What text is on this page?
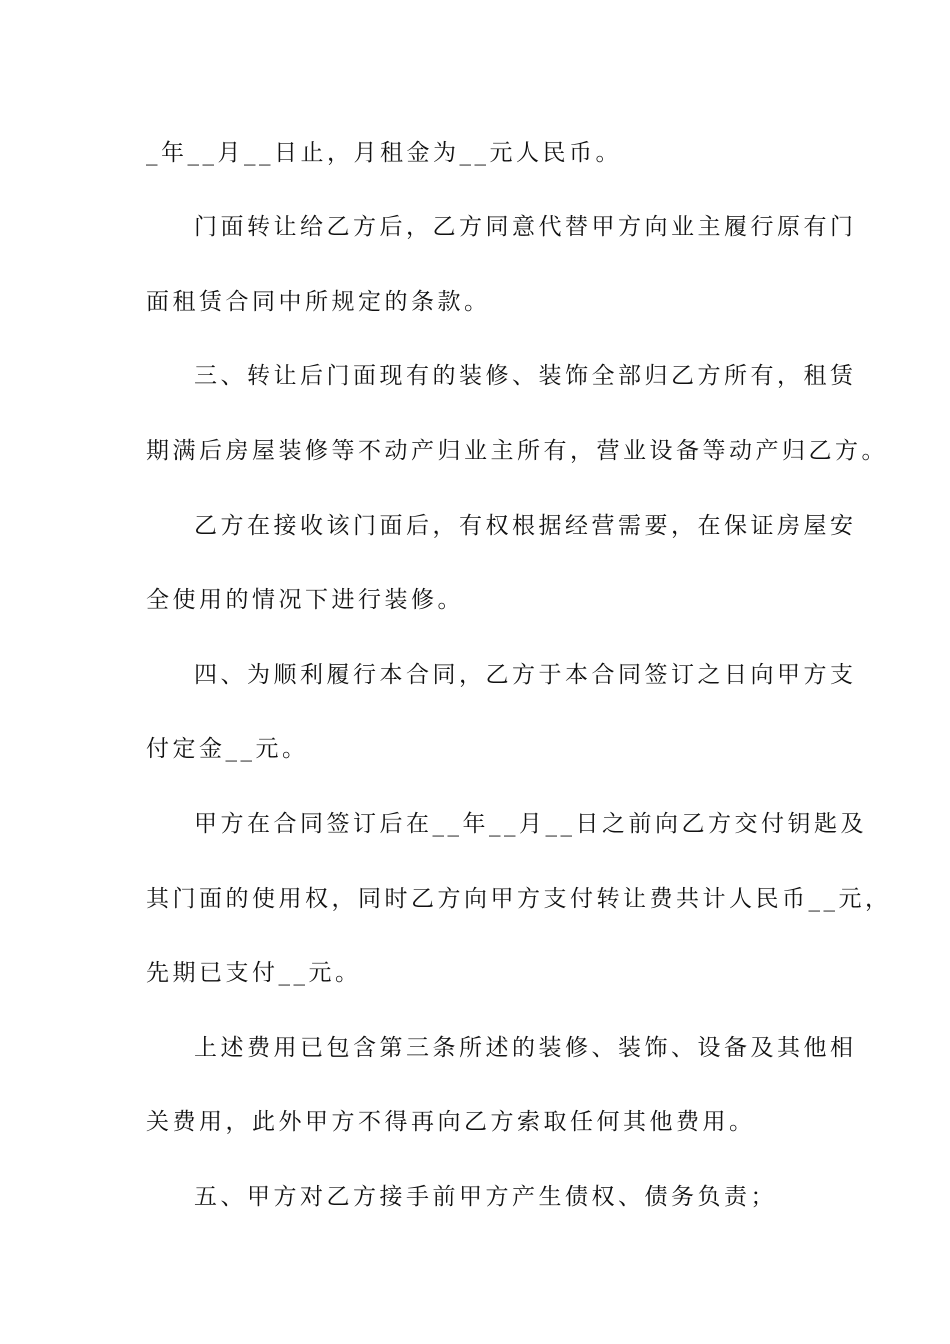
_年__月__日止，月租金为__元人民币。
门面转让给乙方后，乙方同意代替甲方向业主履行原有门
面租赁合同中所规定的条款。
三、转让后门面现有的装修、装饰全部归乙方所有，租赁
期满后房屋装修等不动产归业主所有，营业设备等动产归乙方。
乙方在接收该门面后，有权根据经营需要，在保证房屋安
全使用的情况下进行装修。
四、为顺利履行本合同，乙方于本合同签订之日向甲方支
付定金__元。
甲方在合同签订后在__年__月__日之前向乙方交付钥匙及
其门面的使用权，同时乙方向甲方支付转让费共计人民币__元，
先期已支付__元。
上述费用已包含第三条所述的装修、装饰、设备及其他相
关费用，此外甲方不得再向乙方索取任何其他费用。
五、甲方对乙方接手前甲方产生债权、债务负责；
